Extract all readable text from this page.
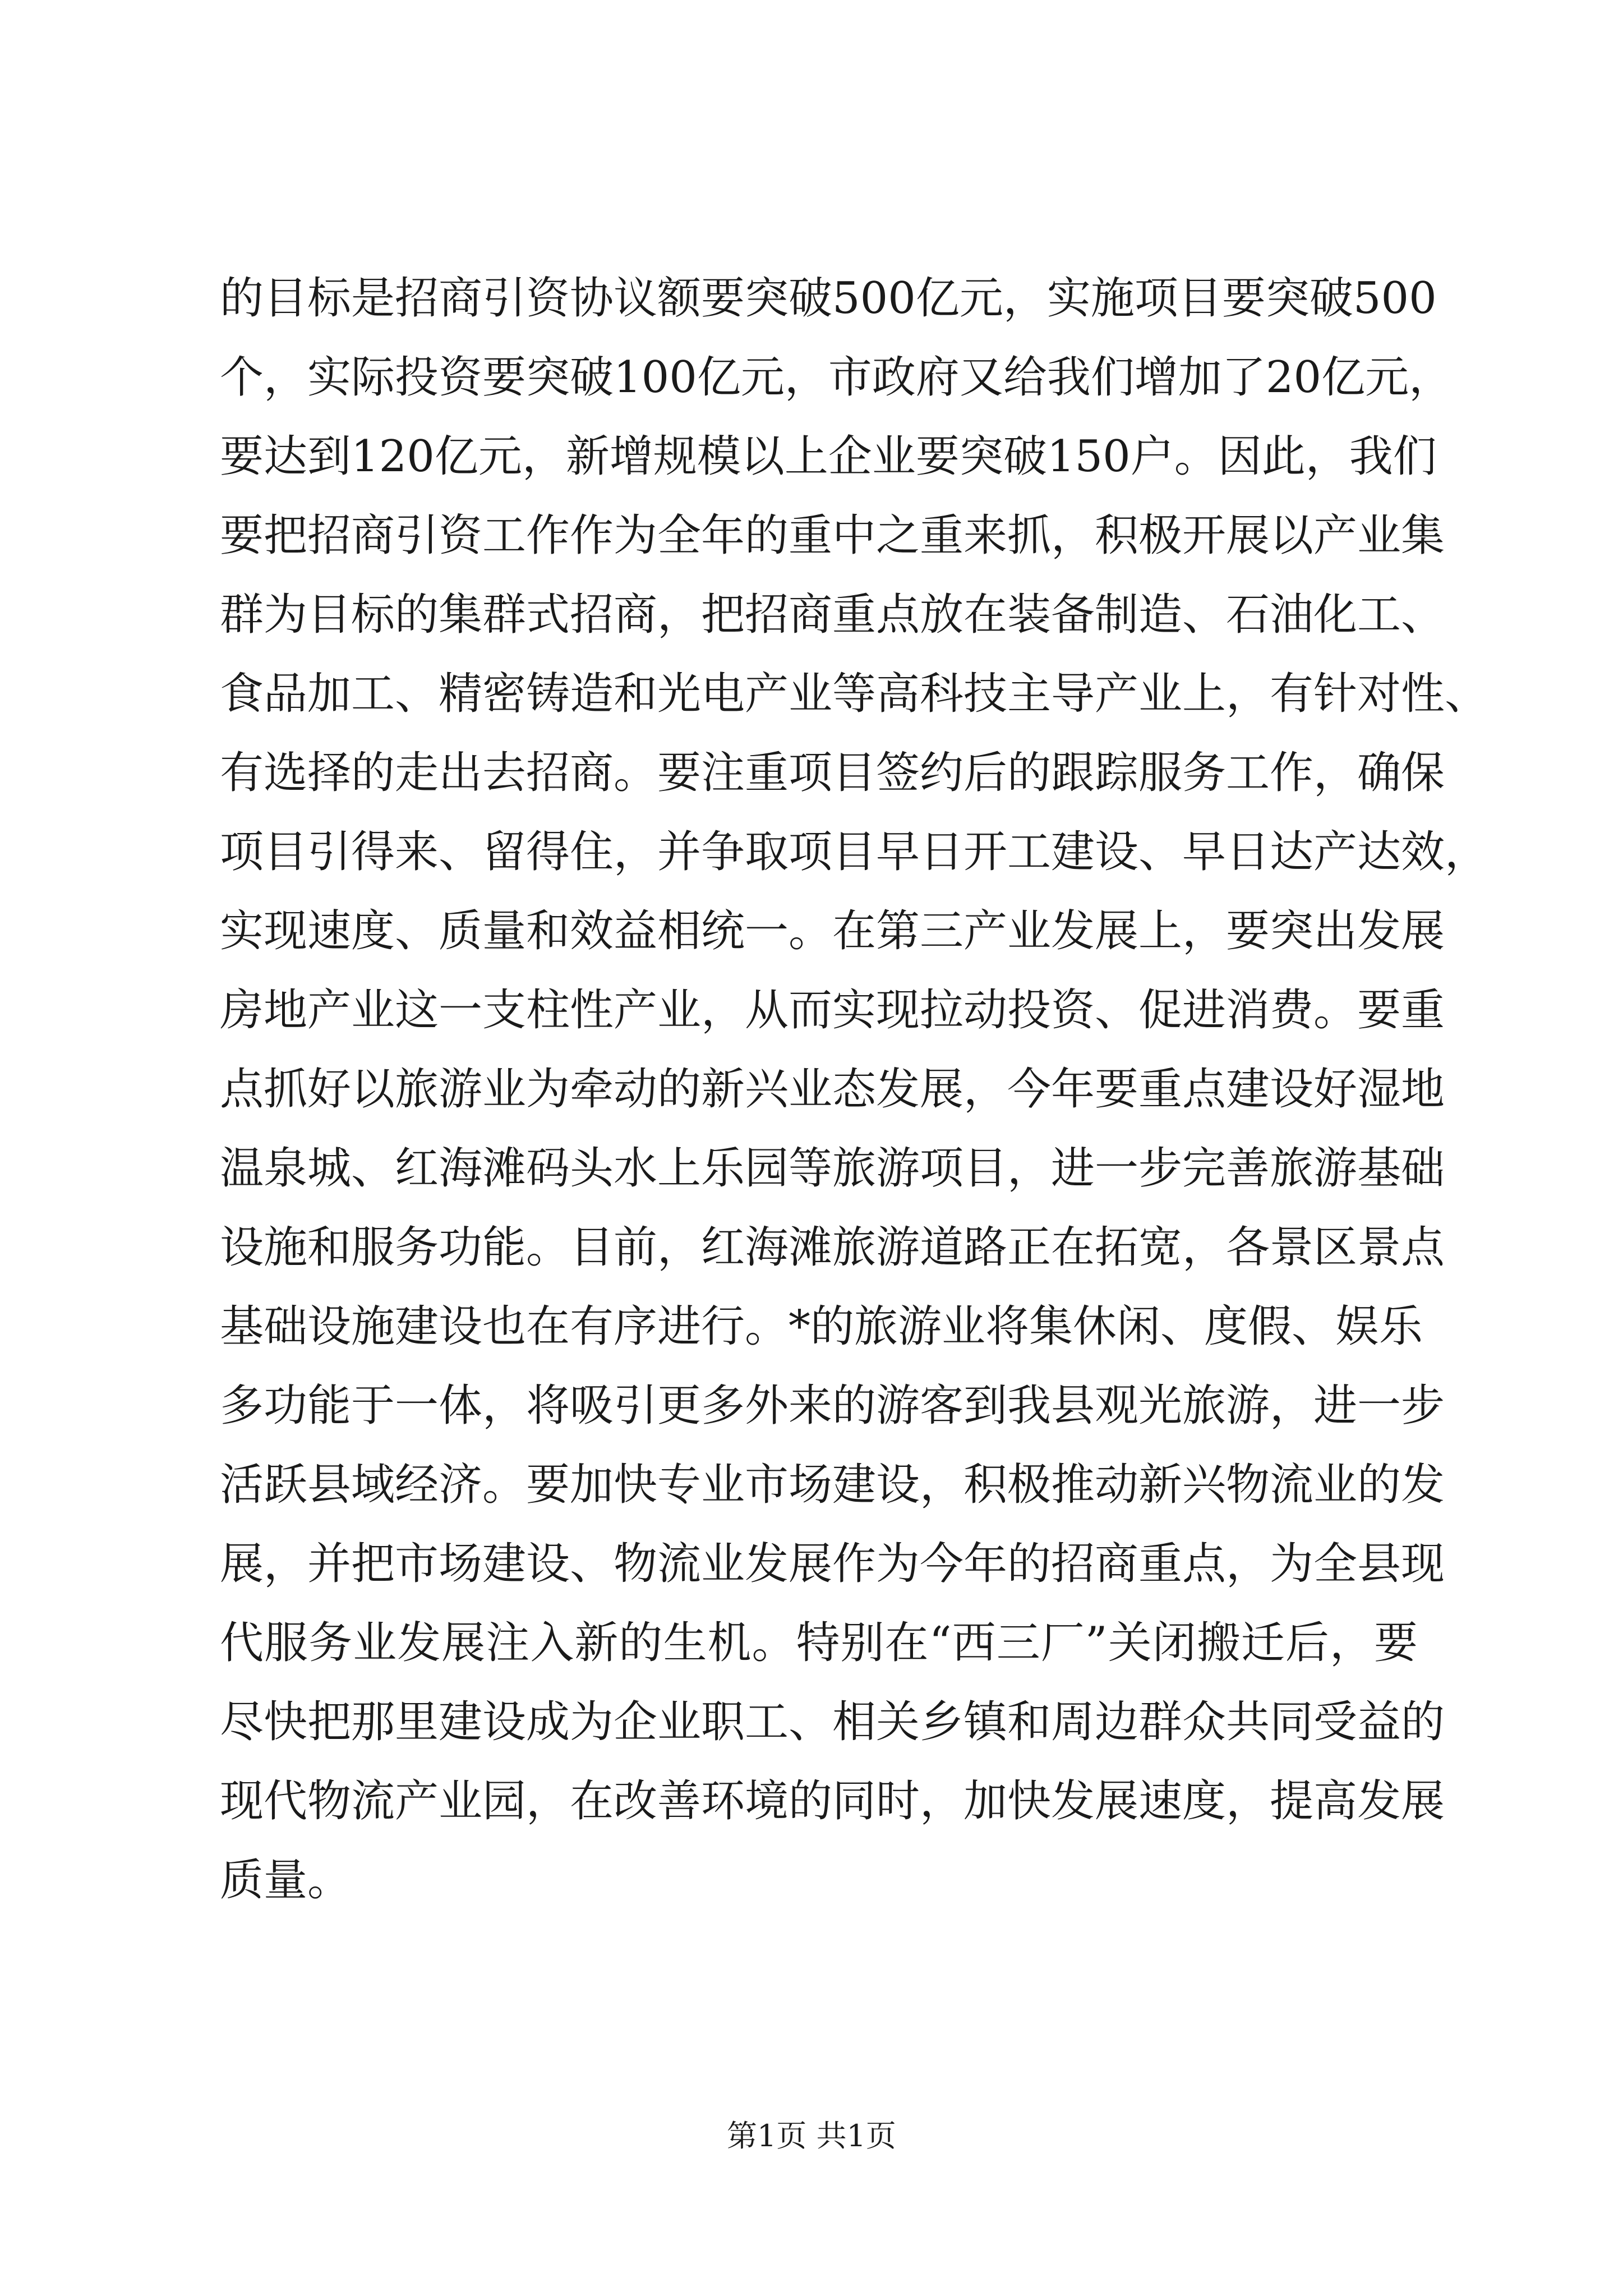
的目标是招商引资协议额要突破500亿元，实施项目要突破500
个，实际投资要突破100亿元，市政府又给我们增加了20亿元，
要达到120亿元，新增规模以上企业要突破150户。因此，我们
要把招商引资工作作为全年的重中之重来抓，积极开展以产业集
群为目标的集群式招商，把招商重点放在装备制造、石油化工、
食品加工、精密铸造和光电产业等高科技主导产业上，有针对性、
有选择的走出去招商。要注重项目签约后的跟踪服务工作，确保
项目引得来、留得住，并争取项目早日开工建设、早日达产达效，
实现速度、质量和效益相统一。在第三产业发展上，要突出发展
房地产业这一支柱性产业，从而实现拉动投资、促进消费。要重
点抓好以旅游业为牵动的新兴业态发展，今年要重点建设好湿地
温泉城、红海滩码头水上乐园等旅游项目，进一步完善旅游基础
设施和服务功能。目前，红海滩旅游道路正在拓宽，各景区景点
基础设施建设也在有序进行。*的旅游业将集休闲、度假、娱乐
多功能于一体，将吸引更多外来的游客到我县观光旅游，进一步
活跃县域经济。要加快专业市场建设，积极推动新兴物流业的发
展，并把市场建设、物流业发展作为今年的招商重点，为全县现
代服务业发展注入新的生机。特别在“西三厂”关闭搬迁后，要
尽快把那里建设成为企业职工、相关乡镇和周边群众共同受益的
现代物流产业园，在改善环境的同时，加快发展速度，提高发展
质量。
第1页 共1页
